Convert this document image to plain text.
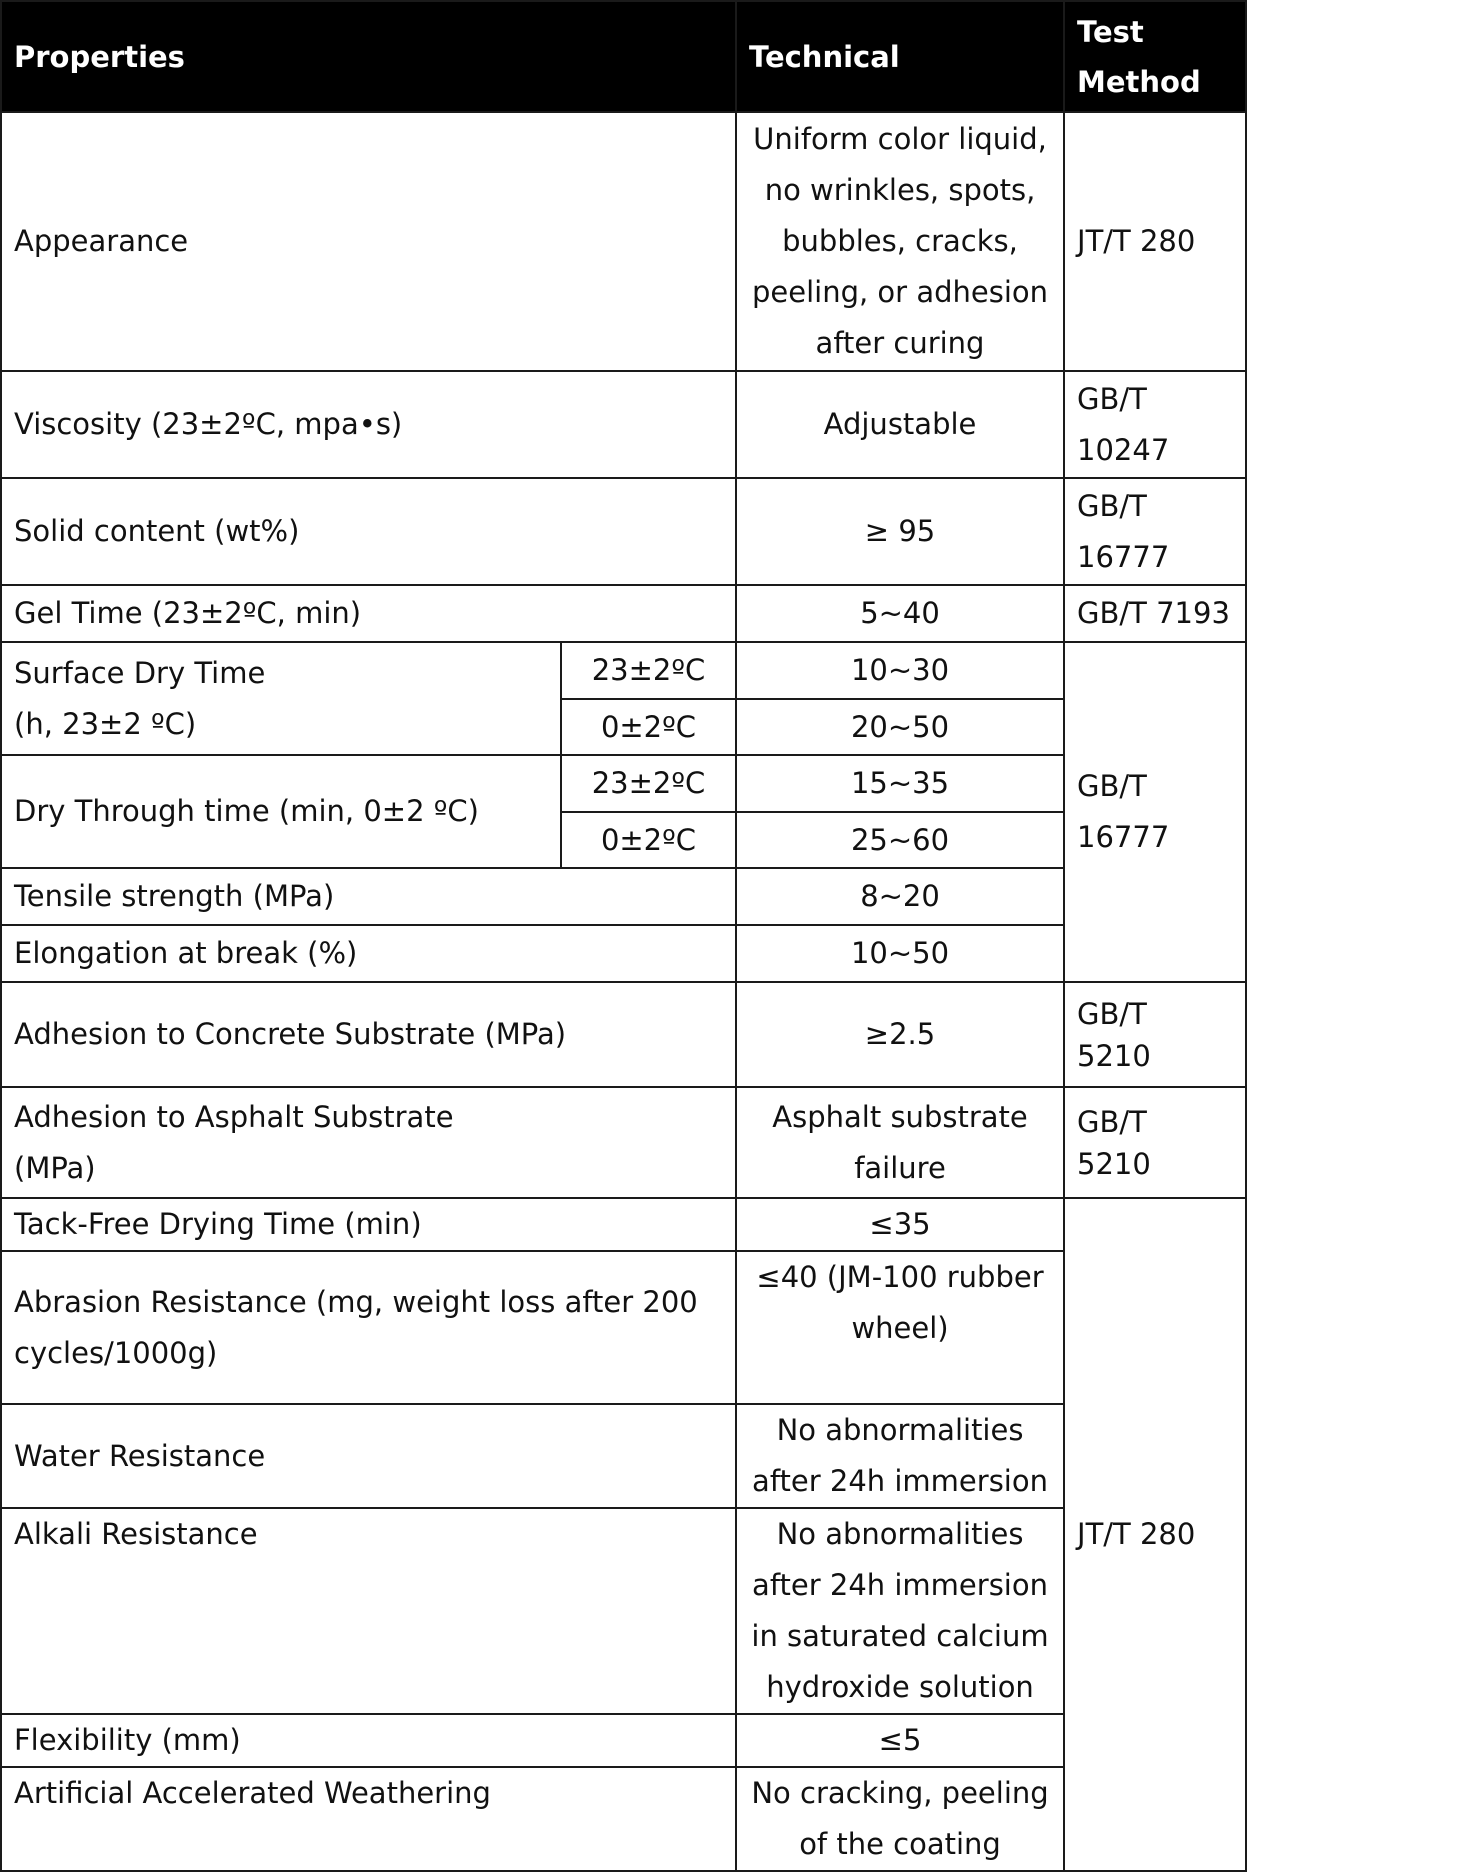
Properties		Technical	Test
Method
Appearance		Uniform color liquid,
no wrinkles, spots,
bubbles, cracks,
peeling, or adhesion
after curing	JT/T 280
Viscosity (23±2ºC, mpa•s)		Adjustable	GB/T
10247
Solid content (wt%)		≥ 95	GB/T
16777
Gel Time (23±2ºC, min)		5~40	GB/T 7193
Surface Dry Time
(h, 23±2 ºC)	23±2ºC	10~30	GB/T
16777
	0±2ºC	20~50	
Dry Through time (min, 0±2 ºC)	23±2ºC	15~35	
	0±2ºC	25~60	
Tensile strength (MPa)		8~20	
Elongation at break (%)		10~50	
Adhesion to Concrete Substrate (MPa)		≥2.5	GB/T
5210
Adhesion to Asphalt Substrate
(MPa)		Asphalt substrate
failure	GB/T
5210
Tack-Free Drying Time (min)		≤35	JT/T 280
Abrasion Resistance (mg, weight loss after 200
cycles/1000g)		≤40 (JM-100 rubber
wheel)	
Water Resistance		No abnormalities
after 24h immersion	
Alkali Resistance		No abnormalities
after 24h immersion
in saturated calcium
hydroxide solution	
Flexibility (mm)		≤5	
Artificial Accelerated Weathering		No cracking, peeling
of the coating	
